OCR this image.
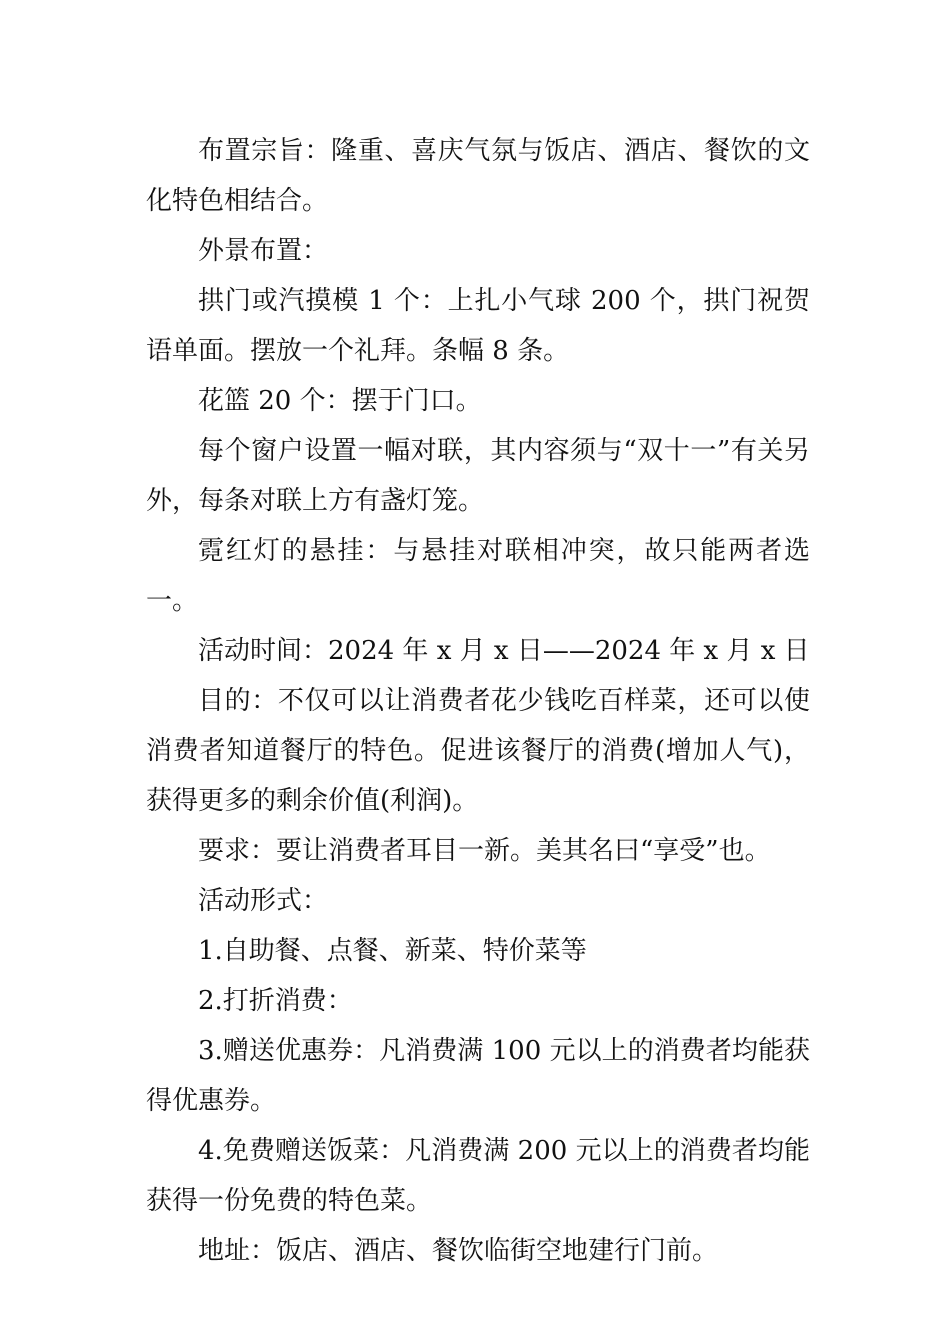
布置宗旨：隆重、喜庆气氛与饭店、酒店、餐饮的文化特色相结合。

外景布置：

拱门或汽摸模 1 个：上扎小气球 200 个，拱门祝贺语单面。摆放一个礼拜。条幅 8 条。

花篮 20 个：摆于门口。

每个窗户设置一幅对联，其内容须与“双十一”有关另外，每条对联上方有盏灯笼。

霓红灯的悬挂：与悬挂对联相冲突，故只能两者选一。

活动时间：2024 年 x 月 x 日——2024 年 x 月 x 日

目的：不仅可以让消费者花少钱吃百样菜，还可以使消费者知道餐厅的特色。促进该餐厅的消费(增加人气)，获得更多的剩余价值(利润)。

要求：要让消费者耳目一新。美其名曰“享受”也。

活动形式：

1.自助餐、点餐、新菜、特价菜等

2.打折消费：

3.赠送优惠券：凡消费满 100 元以上的消费者均能获得优惠券。

4.免费赠送饭菜：凡消费满 200 元以上的消费者均能获得一份免费的特色菜。

地址：饭店、酒店、餐饮临街空地建行门前。
